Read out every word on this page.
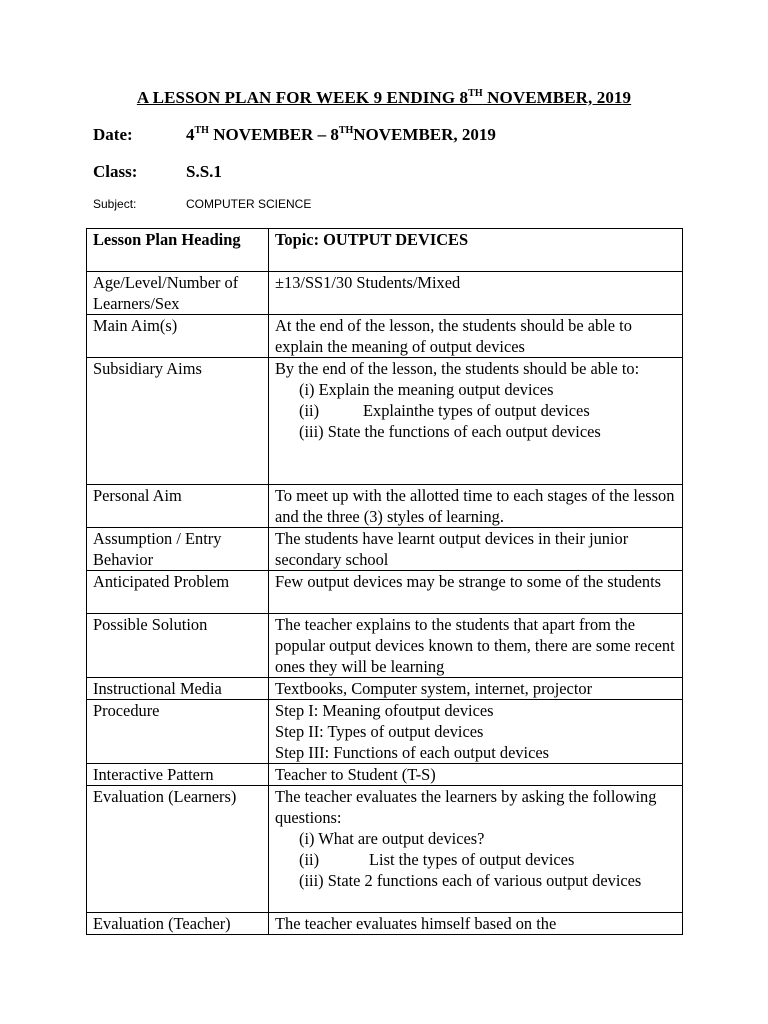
A LESSON PLAN FOR WEEK 9 ENDING 8TH NOVEMBER, 2019
Date:	4TH NOVEMBER – 8THNOVEMBER, 2019
Class:	S.S.1
Subject:	COMPUTER SCIENCE
Lesson Plan Heading	Topic: OUTPUT DEVICES
Age/Level/Number of Learners/Sex	±13/SS1/30 Students/Mixed
Main Aim(s)	At the end of the lesson, the students should be able to explain the meaning of output devices
Subsidiary Aims	By the end of the lesson, the students should be able to:
(i) Explain the meaning output devices
(ii) Explainthe types of output devices
(iii) State the functions of each output devices

Personal Aim	To meet up with the allotted time to each stages of the lesson and the three (3) styles of learning.
Assumption / Entry Behavior	The students have learnt output devices in their junior secondary school
Anticipated Problem	Few output devices may be strange to some of the students
Possible Solution	The teacher explains to the students that apart from the popular output devices known to them, there are some recent ones they will be learning
Instructional Media	Textbooks, Computer system, internet, projector
Procedure	Step I: Meaning ofoutput devices
Step II: Types of output devices
Step III: Functions of each output devices

Interactive Pattern	Teacher to Student (T-S)
Evaluation (Learners)	The teacher evaluates the learners by asking the following questions:
(i) What are output devices?
(ii) List the types of output devices
(iii) State 2 functions each of various output devices

Evaluation (Teacher)	The teacher evaluates himself based on the
